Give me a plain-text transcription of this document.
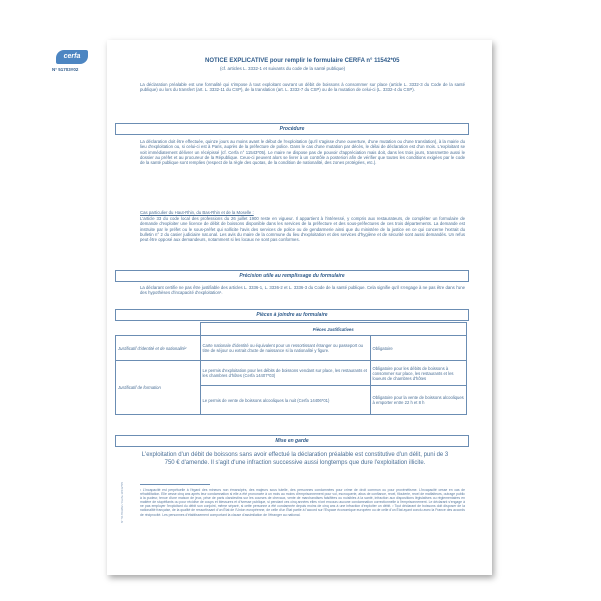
cerfa
N° 51703#02
NOTICE EXPLICATIVE pour remplir le formulaire CERFA n° 11542*05
(cf. articles L. 3332-1 et suivants du code de la santé publique)
La déclaration préalable est une formalité qui s'impose à tout exploitant ouvrant un débit de boissons à consommer sur place (article L. 3332-3 du Code de la santé publique) ou lors du transfert (art. L. 3332-11 du CSP), de la translation (art. L. 3332-7 du CSP) ou de la mutation de celui-ci (L. 3332-4 du CSP).
Procédure
La déclaration doit être effectuée, quinze jours au moins avant le début de l'exploitation (qu'il s'agisse d'une ouverture, d'une mutation ou d'une translation), à la mairie du lieu d'exploitation ou, si celui-ci est à Paris, auprès de la préfecture de police. Dans le cas d'une mutation par décès, le délai de déclaration est d'un mois. L'exploitant se voit immédiatement délivrer un récépissé (cf. Cerfa n° 11543*05). Le maire ne dispose pas de pouvoir d'appréciation mais doit, dans les trois jours, transmettre aussi le dossier au préfet et au procureur de la République. Ceux-ci peuvent alors se livrer à un contrôle a posteriori afin de vérifier que toutes les conditions exigées par le code de la santé publique sont remplies (respect de la règle des quotas, de la condition de nationalité, des zones protégées, etc.).
Cas particulier du Haut-Rhin, du Bas-Rhin et de la Moselle :
L'article 33 du code local des professions du 26 juillet 1900 reste en vigueur. Il appartient à l'intéressé, y compris aux restaurateurs, de compléter un formulaire de demande d'exploiter une licence de débit de boissons disponible dans les services de la préfecture et des sous-préfectures de ces trois départements. La demande est instruite par le préfet ou le sous-préfet qui sollicite l'avis des services de police ou de gendarmerie ainsi que du ministère de la justice en ce qui concerne l'extrait du bulletin n° 2 du casier judiciaire nat.onal. Les avis du maire de la commune du lieu d'exploitation et des services d'hygiène et de sécurité sont aussi demandés. Un refus peut être opposé aux demandeurs, notamment si les locaux ne sont pas conformes.
Précision utile au remplissage du formulaire
La déclarant certifie ne pas être justifiable des articles L. 3336-1, L. 3336-2 et L. 3336-3 du Code de la santé publique. Cela signifie qu'il s'engage à ne pas être dans l'une des hypothèses d'incapacité d'exploitation¹.
Pièces à joindre au formulaire
	Pièces Justificatives	
Justificatif d'identité et de nationalité²	Carte nationale d'identité ou équivalent pour un ressortissant étranger ou passeport ou titre de séjour ou extrait d'acte de naissance si la nationalité y figure.	Obligatoire
Justificatif de formation	Le permis d'exploitation pour les débits de boissons vendant sur place, les restaurants et les chambres d'hôtes (Cerfa 14407*03)	Obligatoire pour les débits de boissons à consommer sur place, les restaurants et les loueurs de chambres d'hôtes
	Le permis de vente de boissons alcooliques la nuit (Cerfa 14406*01)	Obligatoire pour la vente de boissons alcooliques à emporter entre 22 h et 8 h
Mise en garde
L'exploitation d'un débit de boissons sans avoir effectué la déclaration préalable est constitutive d'un délit, puni de 3 750 € d'amende. Il s'agit d'une infraction successive aussi longtemps que dure l'exploitation illicite.
¹ L'incapacité est perpétuelle à l'égard des mineurs non émancipés, des majeurs sous tutelle, des personnes condamnées pour crime de droit commun ou pour proxénétisme. L'incapacité cesse en cas de réhabilitation. Elle cesse cinq ans après leur condamnation si elle a été prononcée à un mois au moins d'emprisonnement pour vol, escroquerie, abus de confiance, recel, filouterie, recel de malfaiteurs, outrage public à la pudeur, tenue d'une maison de jeux, prise de paris clandestins sur les courses de chevaux, vente de marchandises falsifiées ou nuisibles à la santé, infraction aux dispositions législatives ou réglementaires en matière de stupéfiants ou pour récidive de coups et blessures et d'ivresse publique, si pendant ces cinq années elles n'ont encouru aucune condamnation correctionnelle à l'emprisonnement. Le déclarant s'engage à ne pas employer l'exploitant du débit son conjoint, même séparé, si cette personne a été condamnée depuis moins de cinq ans à une infraction d'exploiter un débit. ² Tout déclarant de boissons doit disposer de la nationalité française, de la qualité de ressortissant d'un État de l'Union européenne, de celle d'un État partie à l'accord sur l'Espace économique européen ou de celle d'un État ayant conclu avec la France des accords de réciprocité. Les personnes d'établissement comportant la clause d'assimilation de l'étranger au national.
N° 51703#02 / Cerfa 11542*05
